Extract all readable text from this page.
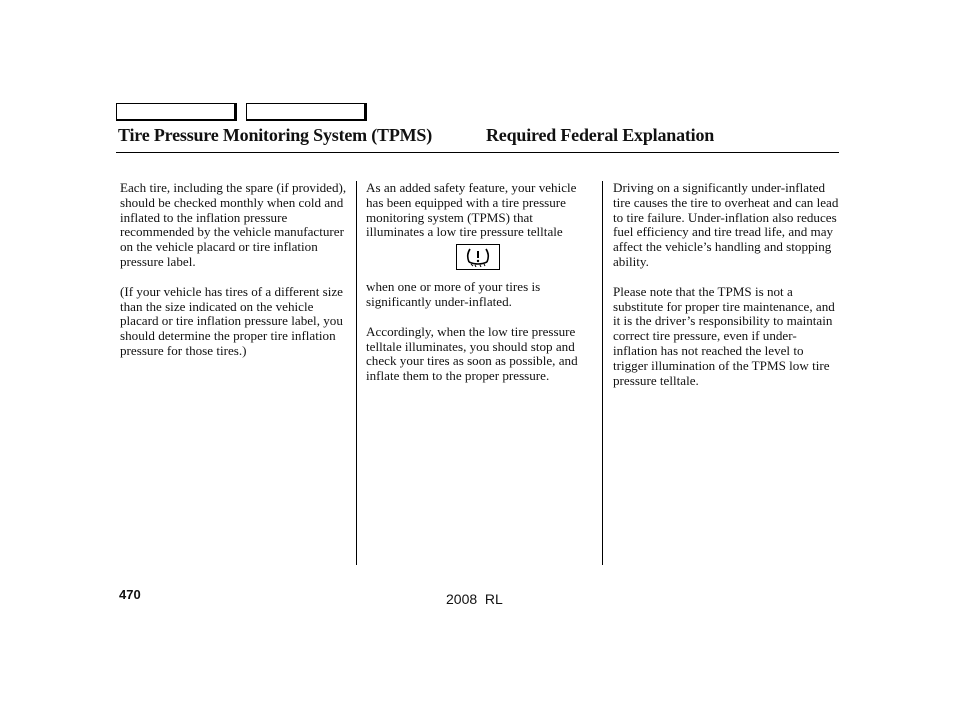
Tire Pressure Monitoring System (TPMS)	Required Federal Explanation

Each tire, including the spare (if provided), should be checked monthly when cold and inflated to the inflation pressure recommended by the vehicle manufacturer on the vehicle placard or tire inflation pressure label.

(If your vehicle has tires of a different size than the size indicated on the vehicle placard or tire inflation pressure label, you should determine the proper tire inflation pressure for those tires.)

As an added safety feature, your vehicle has been equipped with a tire pressure monitoring system (TPMS) that illuminates a low tire pressure telltale

when one or more of your tires is significantly under-inflated.

Accordingly, when the low tire pressure telltale illuminates, you should stop and check your tires as soon as possible, and inflate them to the proper pressure.

Driving on a significantly under-inflated tire causes the tire to overheat and can lead to tire failure. Under-inflation also reduces fuel efficiency and tire tread life, and may affect the vehicle’s handling and stopping ability.

Please note that the TPMS is not a substitute for proper tire maintenance, and it is the driver’s responsibility to maintain correct tire pressure, even if under-inflation has not reached the level to trigger illumination of the TPMS low tire pressure telltale.

470	2008  RL
